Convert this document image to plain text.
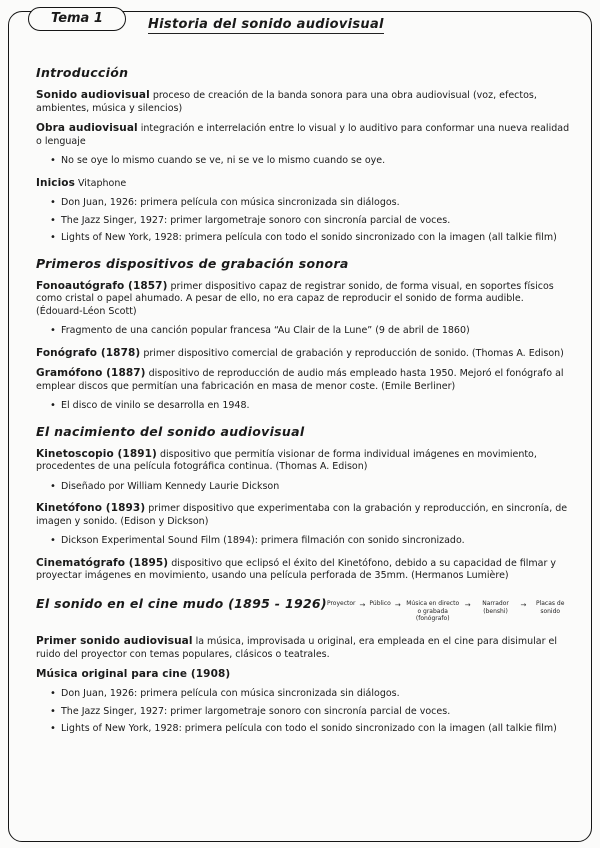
Tema 1	Historia del sonido audiovisual
Introducción

Sonido audiovisual proceso de creación de la banda sonora para una obra audiovisual (voz, efectos, ambientes, música y silencios)

Obra audiovisual integración e interrelación entre lo visual y lo auditivo para conformar una nueva realidad o lenguaje

• No se oye lo mismo cuando se ve, ni se ve lo mismo cuando se oye.

Inicios Vitaphone

• Don Juan, 1926: primera película con música sincronizada sin diálogos.
• The Jazz Singer, 1927: primer largometraje sonoro con sincronía parcial de voces.
• Lights of New York, 1928: primera película con todo el sonido sincronizado con la imagen (all talkie film)
Primeros dispositivos de grabación sonora

Fonoautógrafo (1857) primer dispositivo capaz de registrar sonido, de forma visual, en soportes físicos como cristal o papel ahumado. A pesar de ello, no era capaz de reproducir el sonido de forma audible. (Édouard-Léon Scott)

• Fragmento de una canción popular francesa “Au Clair de la Lune” (9 de abril de 1860)

Fonógrafo (1878) primer dispositivo comercial de grabación y reproducción de sonido. (Thomas A. Edison)

Gramófono (1887) dispositivo de reproducción de audio más empleado hasta 1950. Mejoró el fonógrafo al emplear discos que permitían una fabricación en masa de menor coste. (Emile Berliner)

• El disco de vinilo se desarrolla en 1948.
El nacimiento del sonido audiovisual

Kinetoscopio (1891) dispositivo que permitía visionar de forma individual imágenes en movimiento, procedentes de una película fotográfica continua. (Thomas A. Edison)

• Diseñado por William Kennedy Laurie Dickson

Kinetófono (1893) primer dispositivo que experimentaba con la grabación y reproducción, en sincronía, de imagen y sonido. (Edison y Dickson)

• Dickson Experimental Sound Film (1894): primera filmación con sonido sincronizado.

Cinematógrafo (1895) dispositivo que eclipsó el éxito del Kinetófono, debido a su capacidad de filmar y proyectar imágenes en movimiento, usando una película perforada de 35mm. (Hermanos Lumière)

El sonido en el cine mudo (1895 - 1926) Proyector → Público → Música en directo o grabada (fonógrafo)
→	Narrador (benshi)
→	Placas de sonido

Primer sonido audiovisual la música, improvisada u original, era empleada en el cine para disimular el ruido del proyector con temas populares, clásicos o teatrales.

Música original para cine (1908)
• Don Juan, 1926: primera película con música sincronizada sin diálogos.
• The Jazz Singer, 1927: primer largometraje sonoro con sincronía parcial de voces.
• Lights of New York, 1928: primera película con todo el sonido sincronizado con la imagen (all talkie film)
